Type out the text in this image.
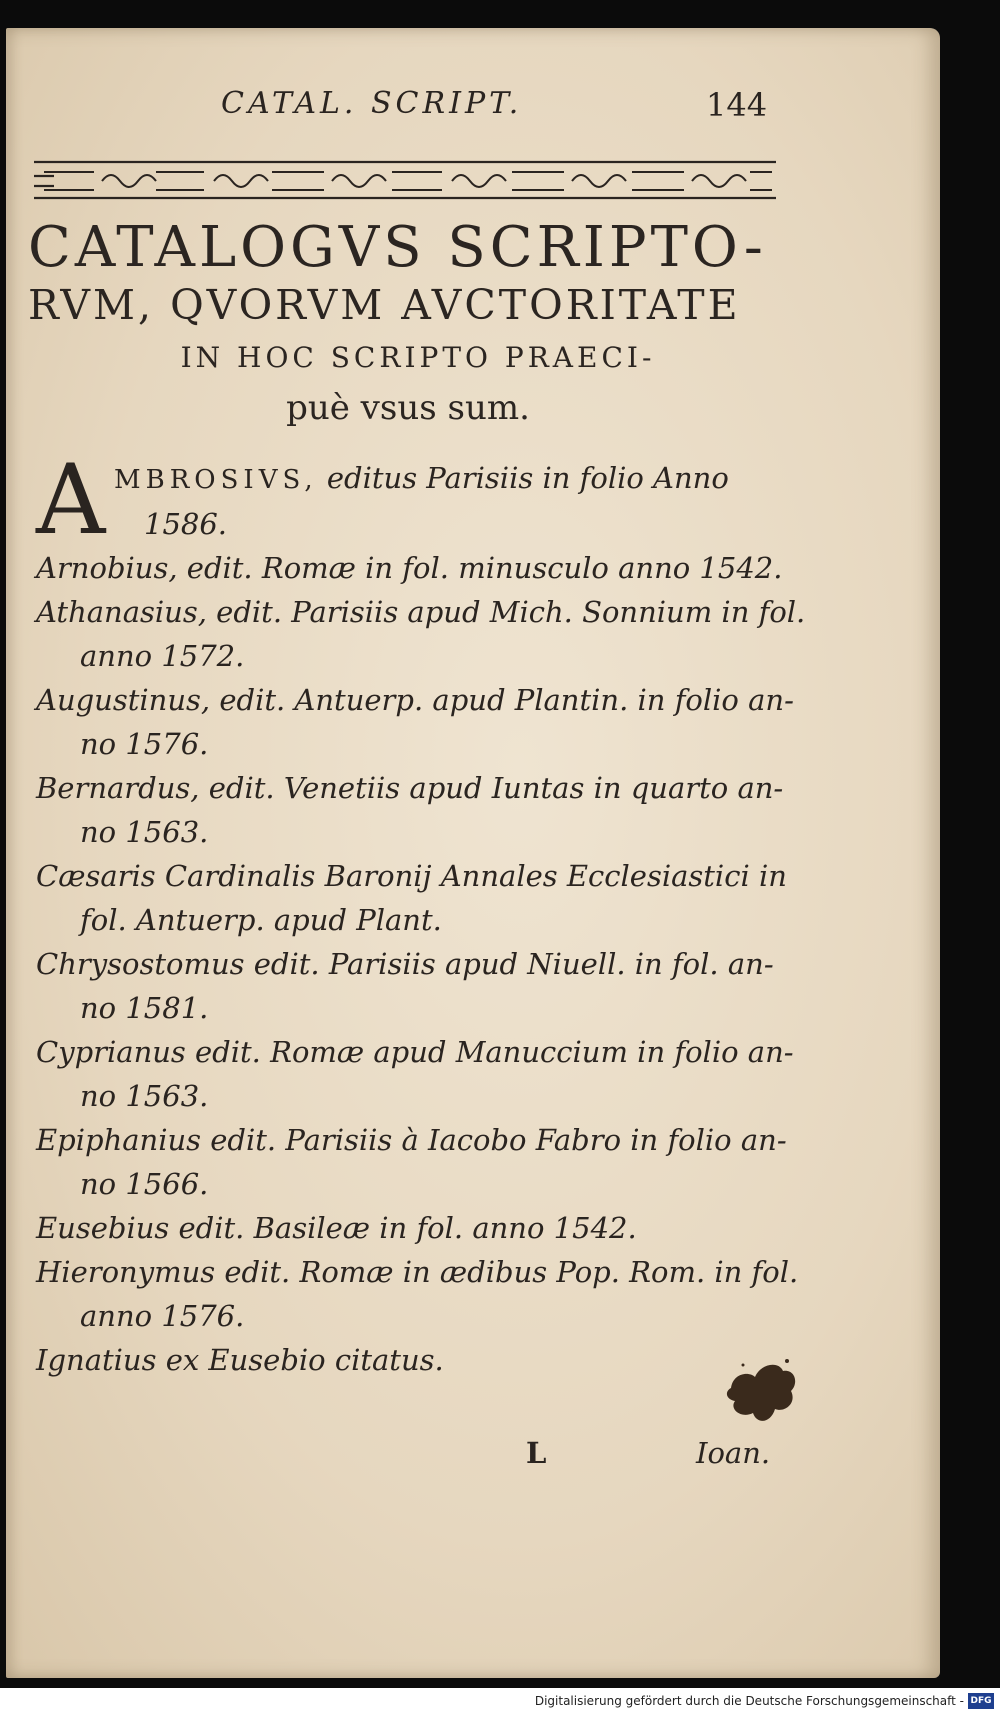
CATAL. SCRIPT.	144
CATALOGVS SCRIPTO-
RVM, QVORVM AVCTORITATE
IN HOC SCRIPTO PRAECI-
puè vsus sum.
A MBROSIVS, editus Parisiis in folio Anno
1586.
Arnobius, edit. Romæ in fol. minusculo anno 1542.
Athanasius, edit. Parisiis apud Mich. Sonnium in fol.
anno 1572.
Augustinus, edit. Antuerp. apud Plantin. in folio an-
no 1576.
Bernardus, edit. Venetiis apud Iuntas in quarto an-
no 1563.
Cæsaris Cardinalis Baronij Annales Ecclesiastici in
fol. Antuerp. apud Plant.
Chrysostomus edit. Parisiis apud Niuell. in fol. an-
no 1581.
Cyprianus edit. Romæ apud Manuccium in folio an-
no 1563.
Epiphanius edit. Parisiis à Iacobo Fabro in folio an-
no 1566.
Eusebius edit. Basileæ in fol. anno 1542.
Hieronymus edit. Romæ in ædibus Pop. Rom. in fol.
anno 1576.
Ignatius ex Eusebio citatus.
L	Ioan.
Digitalisierung gefördert durch die Deutsche Forschungsgemeinschaft - DFG
